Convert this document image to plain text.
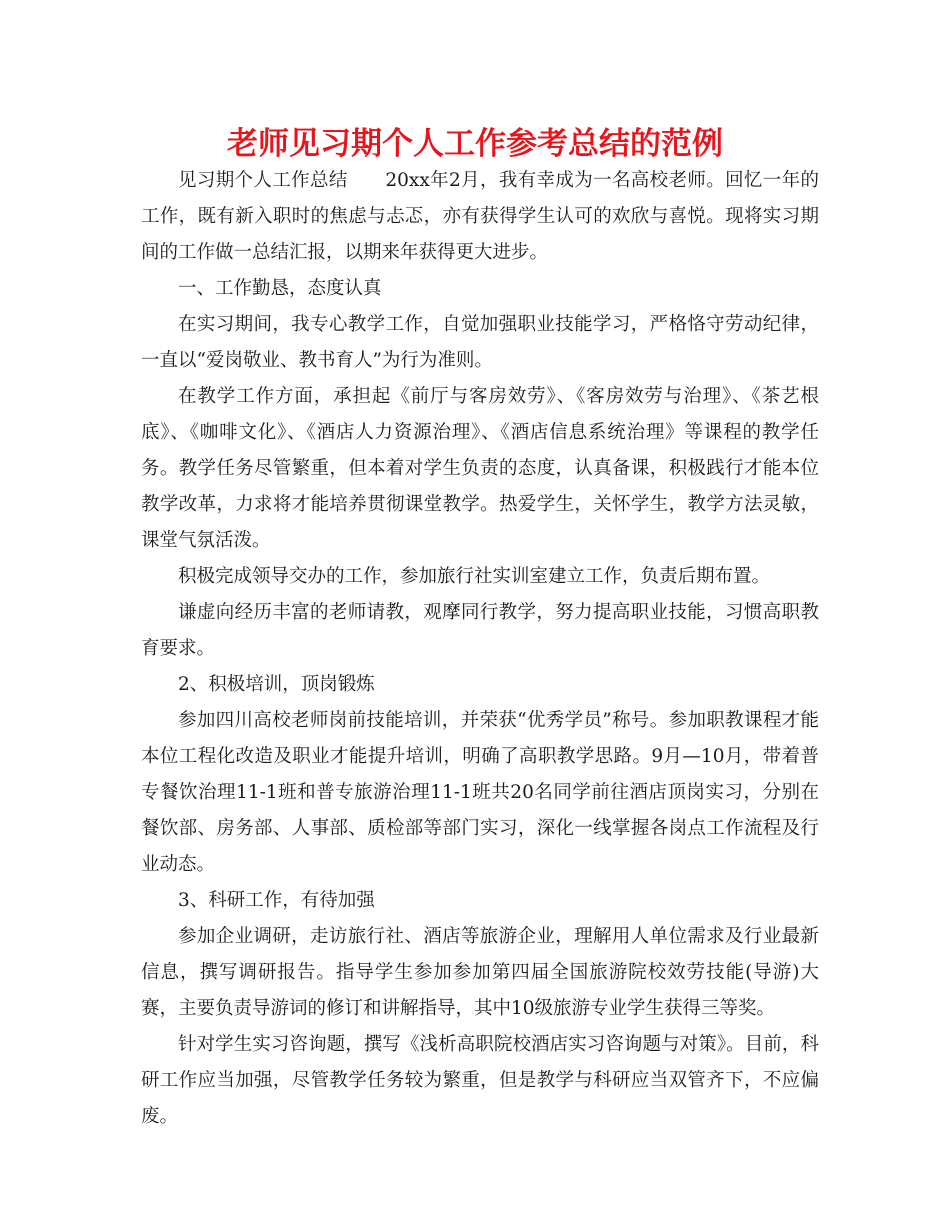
老师见习期个人工作参考总结的范例

见习期个人工作总结　　20xx年2月，我有幸成为一名高校老师。回忆一年的工作，既有新入职时的焦虑与忐忑，亦有获得学生认可的欢欣与喜悦。现将实习期间的工作做一总结汇报，以期来年获得更大进步。

一、工作勤恳，态度认真

在实习期间，我专心教学工作，自觉加强职业技能学习，严格恪守劳动纪律，一直以“爱岗敬业、教书育人”为行为准则。

在教学工作方面，承担起《前厅与客房效劳》、《客房效劳与治理》、《茶艺根底》、《咖啡文化》、《酒店人力资源治理》、《酒店信息系统治理》等课程的教学任务。教学任务尽管繁重，但本着对学生负责的态度，认真备课，积极践行才能本位教学改革，力求将才能培养贯彻课堂教学。热爱学生，关怀学生，教学方法灵敏，课堂气氛活泼。

积极完成领导交办的工作，参加旅行社实训室建立工作，负责后期布置。

谦虚向经历丰富的老师请教，观摩同行教学，努力提高职业技能，习惯高职教育要求。

2、积极培训，顶岗锻炼

参加四川高校老师岗前技能培训，并荣获“优秀学员”称号。参加职教课程才能本位工程化改造及职业才能提升培训，明确了高职教学思路。9月—10月，带着普专餐饮治理11-1班和普专旅游治理11-1班共20名同学前往酒店顶岗实习，分别在餐饮部、房务部、人事部、质检部等部门实习，深化一线掌握各岗点工作流程及行业动态。

3、科研工作，有待加强

参加企业调研，走访旅行社、酒店等旅游企业，理解用人单位需求及行业最新信息，撰写调研报告。指导学生参加参加第四届全国旅游院校效劳技能(导游)大赛，主要负责导游词的修订和讲解指导，其中10级旅游专业学生获得三等奖。

针对学生实习咨询题，撰写《浅析高职院校酒店实习咨询题与对策》。目前，科研工作应当加强，尽管教学任务较为繁重，但是教学与科研应当双管齐下，不应偏废。
